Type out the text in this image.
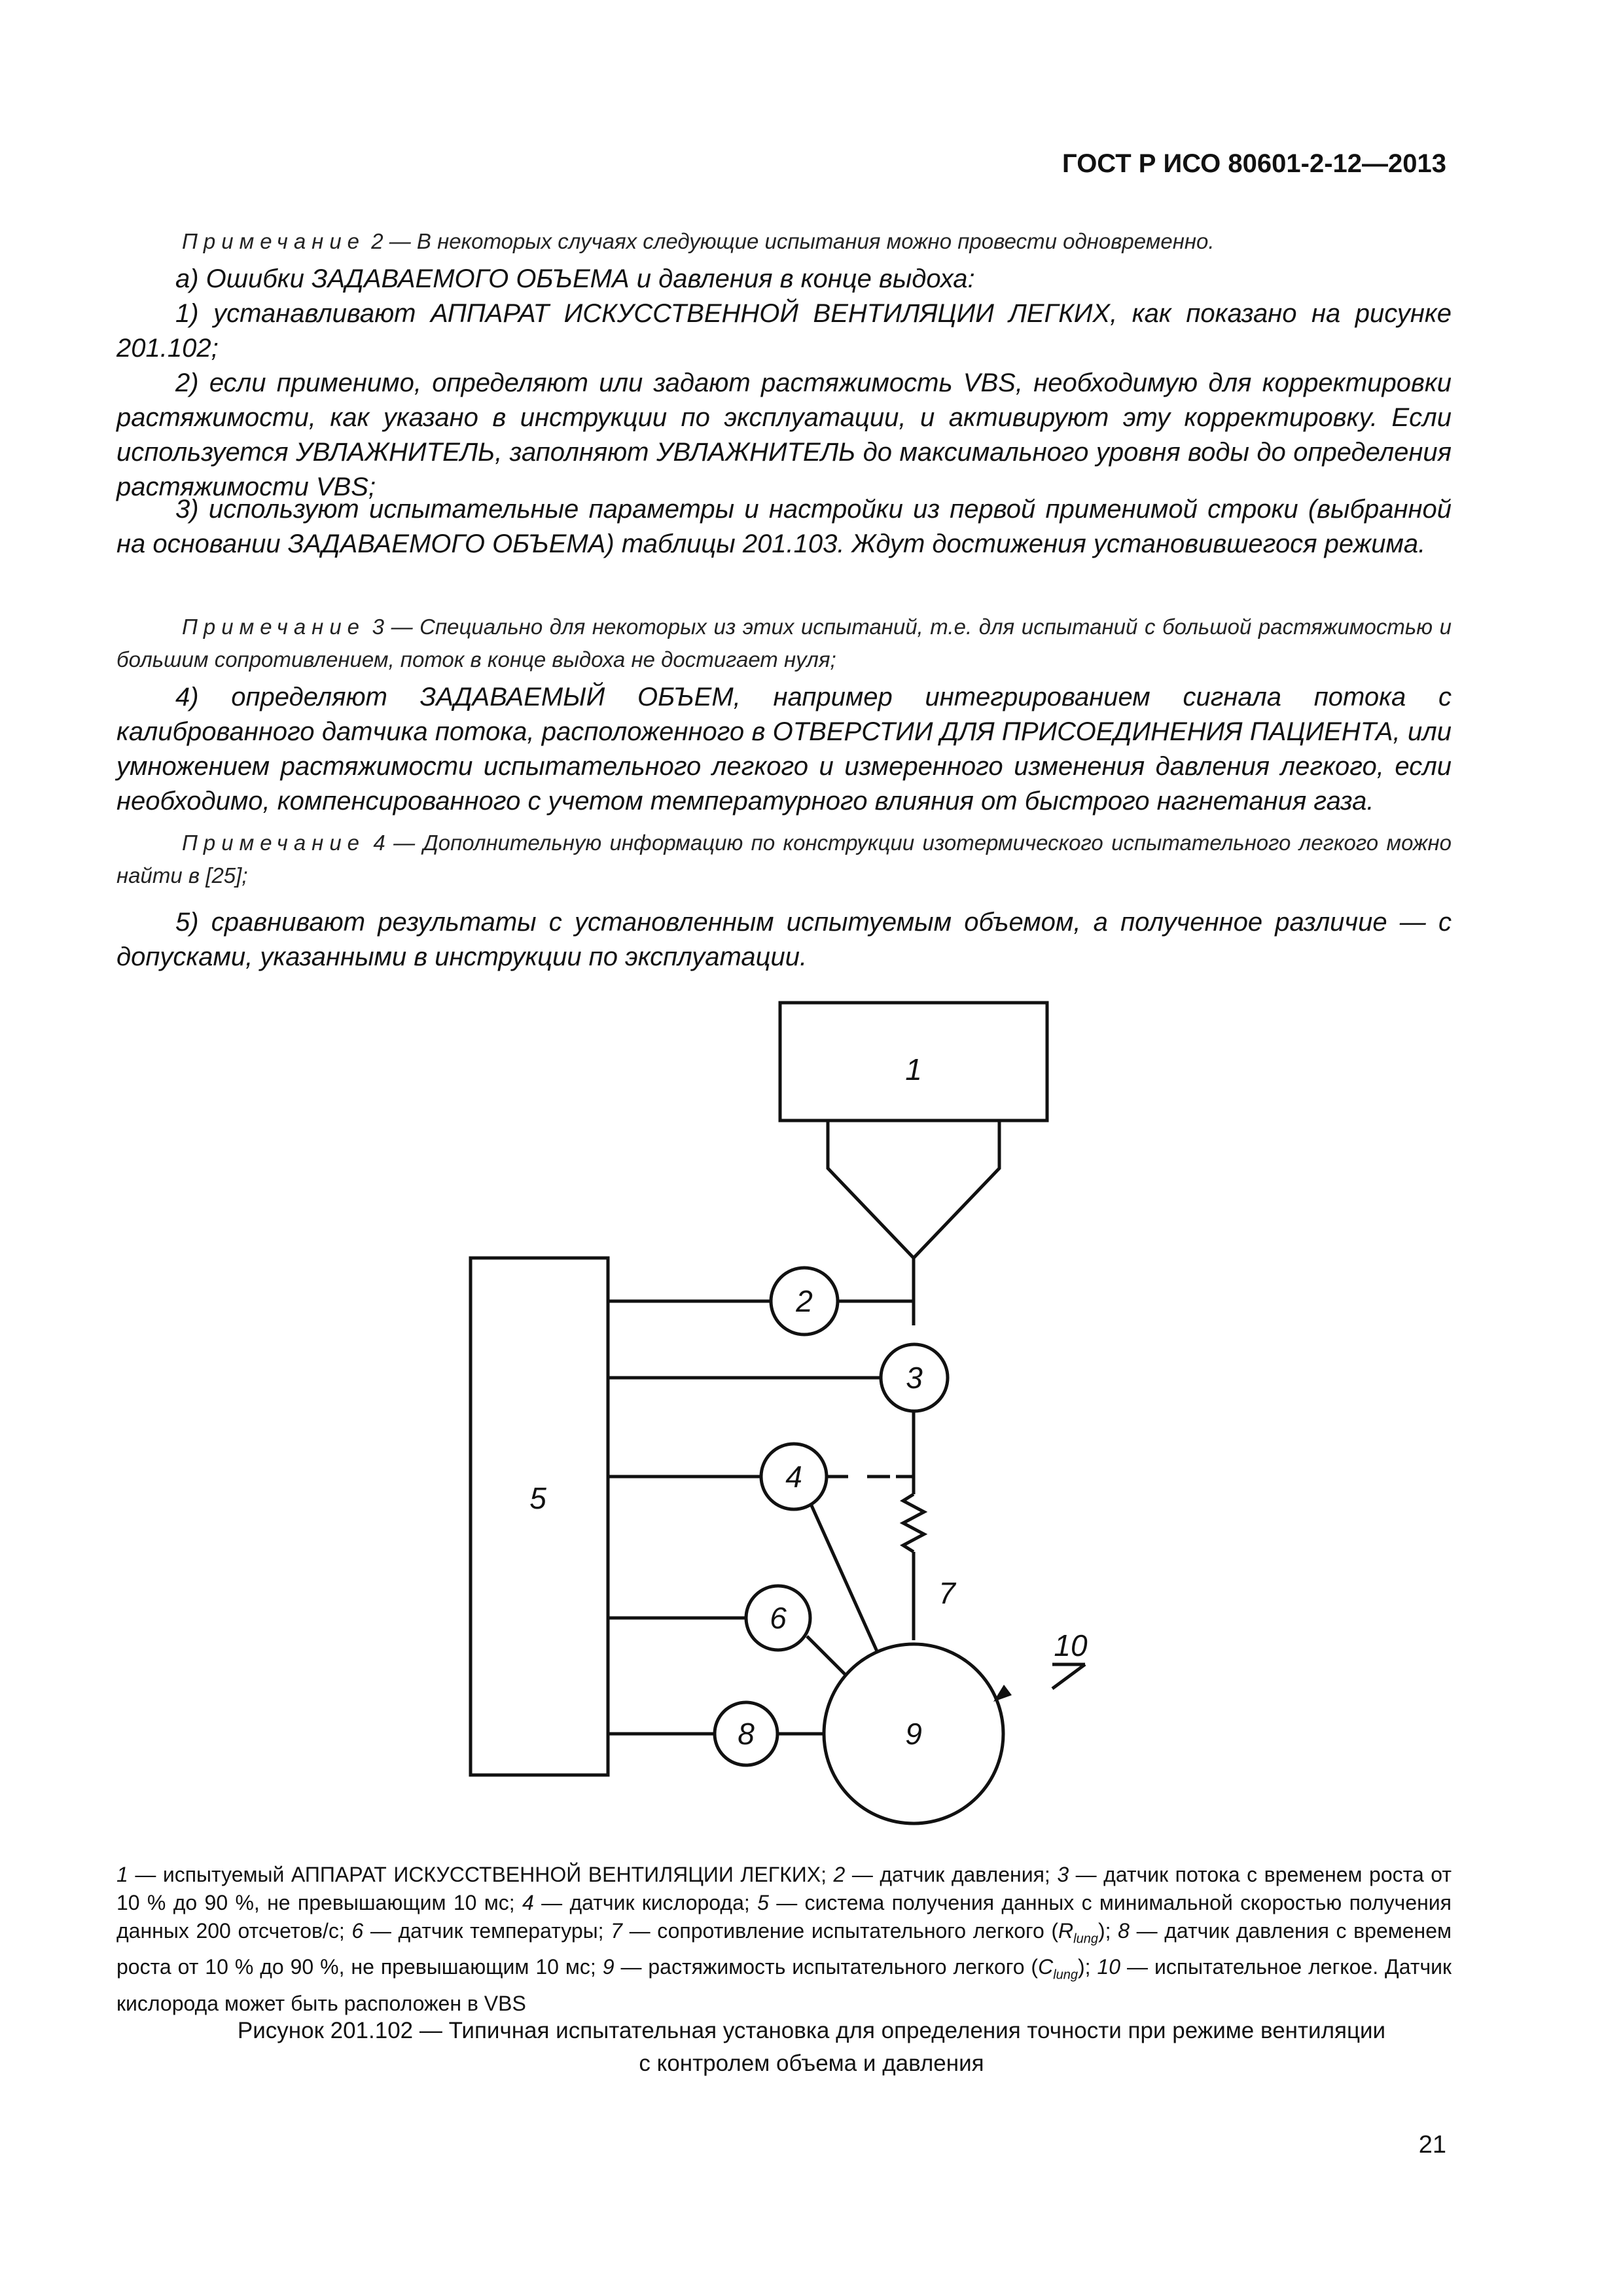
ГОСТ Р ИСО 80601-2-12—2013
Примечание 2 — В некоторых случаях следующие испытания можно провести одновременно.
а) Ошибки ЗАДАВАЕМОГО ОБЪЕМА и давления в конце выдоха:
1) устанавливают АППАРАТ ИСКУССТВЕННОЙ ВЕНТИЛЯЦИИ ЛЕГКИХ, как показано на рисунке 201.102;
2) если применимо, определяют или задают растяжимость VBS, необходимую для корректировки растяжимости, как указано в инструкции по эксплуатации, и активируют эту корректировку. Если используется УВЛАЖНИТЕЛЬ, заполняют УВЛАЖНИТЕЛЬ до максимального уровня воды до определения растяжимости VBS;
3) используют испытательные параметры и настройки из первой применимой строки (выбранной на основании ЗАДАВАЕМОГО ОБЪЕМА) таблицы 201.103. Ждут достижения установившегося режима.
Примечание 3 — Специально для некоторых из этих испытаний, т.е. для испытаний с большой растяжимостью и большим сопротивлением, поток в конце выдоха не достигает нуля;
4) определяют ЗАДАВАЕМЫЙ ОБЪЕМ, например интегрированием сигнала потока с калиброванного датчика потока, расположенного в ОТВЕРСТИИ ДЛЯ ПРИСОЕДИНЕНИЯ ПАЦИЕНТА, или умножением растяжимости испытательного легкого и измеренного изменения давления легкого, если необходимо, компенсированного с учетом температурного влияния от быстрого нагнетания газа.
Примечание 4 — Дополнительную информацию по конструкции изотермического испытательного легкого можно найти в [25];
5) сравнивают результаты с установленным испытуемым объемом, а полученное различие — с допусками, указанными в инструкции по эксплуатации.
1
2
3
4
5
6
7
8	9
10
1 — испытуемый АППАРАТ ИСКУССТВЕННОЙ ВЕНТИЛЯЦИИ ЛЕГКИХ; 2 — датчик давления; 3 — датчик потока с временем роста от 10 % до 90 %, не превышающим 10 мс; 4 — датчик кислорода; 5 — система получения данных с минимальной скоростью получения данных 200 отсчетов/с; 6 — датчик температуры; 7 — сопротивление испытательного легкого $(R_{lung})$; 8 — датчик давления с временем роста от 10 % до 90 %, не превышающим 10 мс; 9 — растяжимость испытательного легкого $(C_{lung})$; 10 — испытательное легкое. Датчик кислорода может быть расположен в VBS
Рисунок 201.102 — Типичная испытательная установка для определения точности при режиме вентиляции
с контролем объема и давления
21
